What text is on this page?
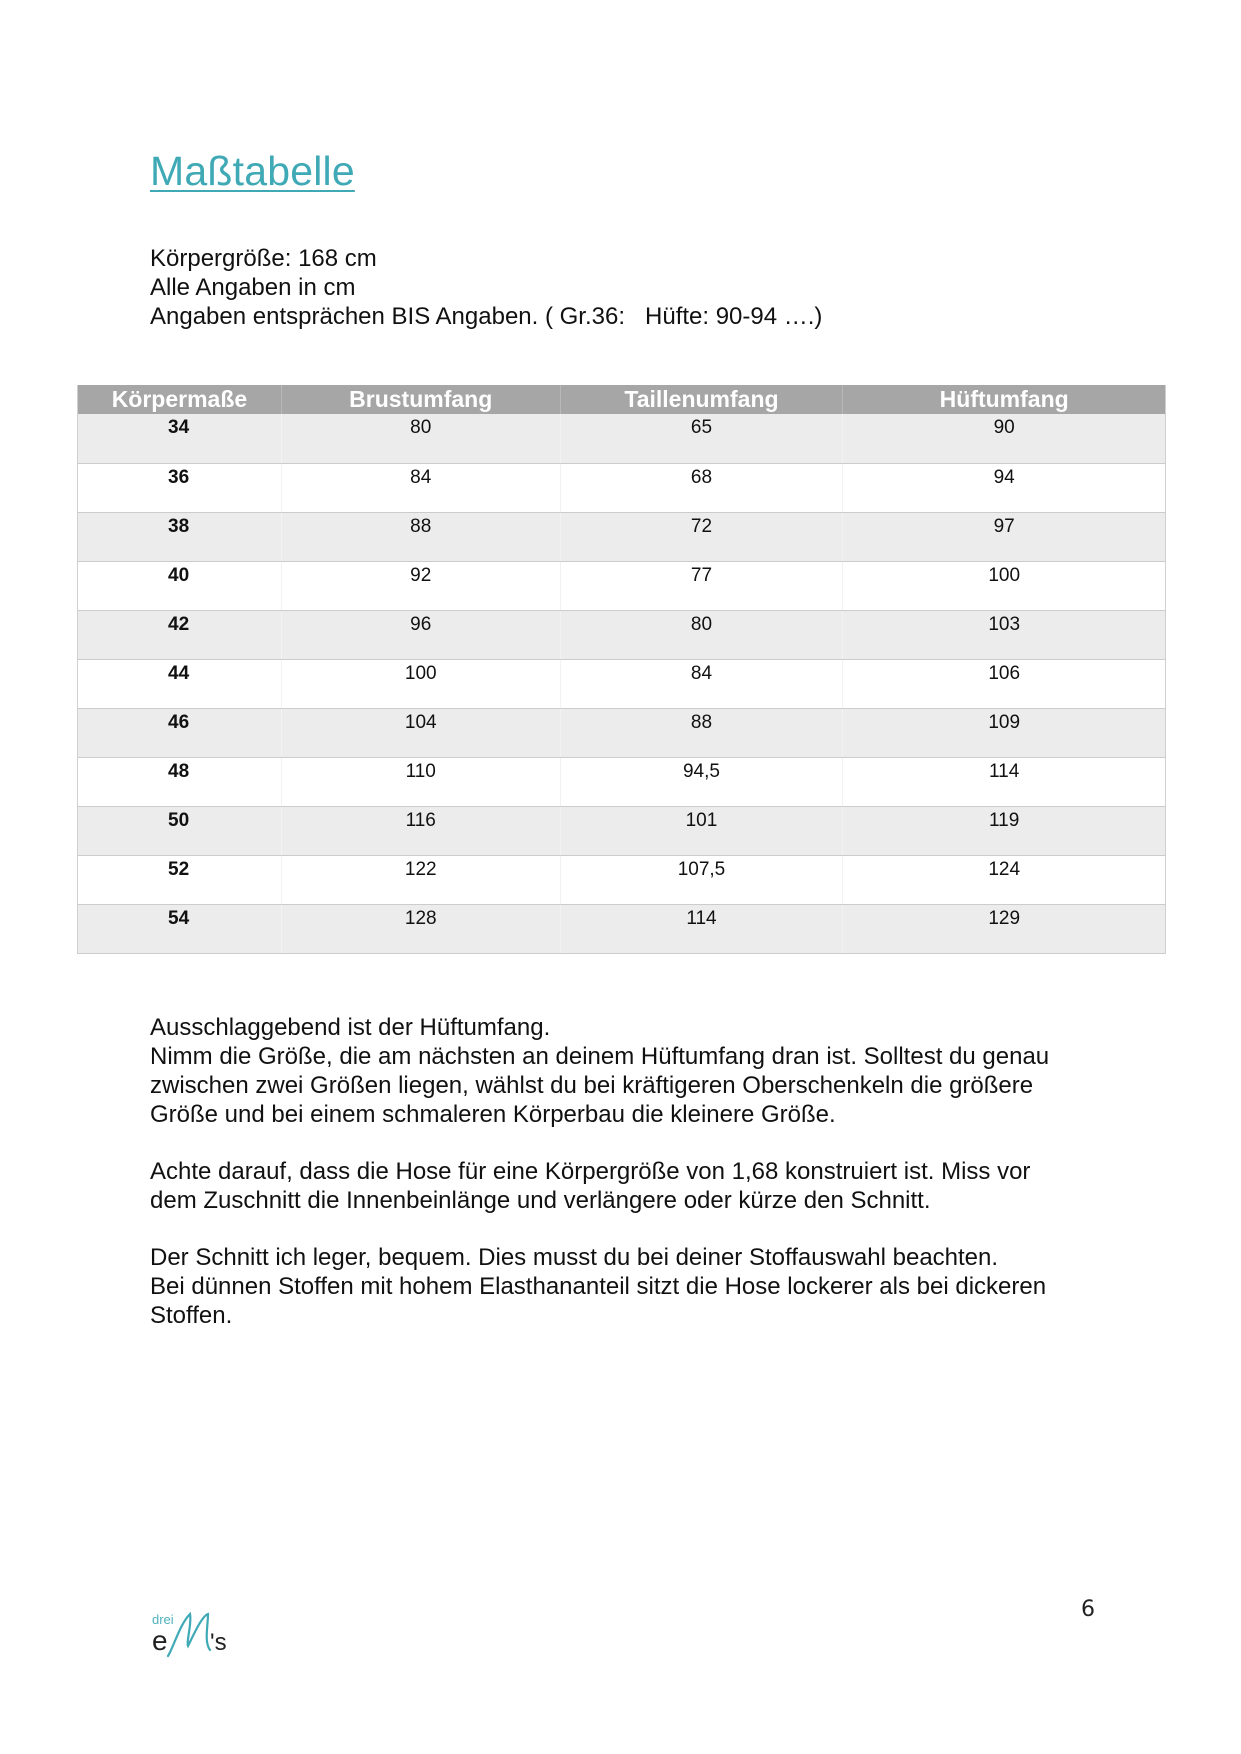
Maßtabelle
Körpergröße: 168 cm
Alle Angaben in cm
Angaben entsprächen BIS Angaben. ( Gr.36:   Hüfte: 90-94 ….)
Körpermaße	Brustumfang	Taillenumfang	Hüftumfang
34	80	65	90
36	84	68	94
38	88	72	97
40	92	77	100
42	96	80	103
44	100	84	106
46	104	88	109
48	110	94,5	114
50	116	101	119
52	122	107,5	124
54	128	114	129

Ausschlaggebend ist der Hüftumfang.
Nimm die Größe, die am nächsten an deinem Hüftumfang dran ist. Solltest du genau
zwischen zwei Größen liegen, wählst du bei kräftigeren Oberschenkeln die größere
Größe und bei einem schmaleren Körperbau die kleinere Größe.

Achte darauf, dass die Hose für eine Körpergröße von 1,68 konstruiert ist. Miss vor
dem Zuschnitt die Innenbeinlänge und verlängere oder kürze den Schnitt.

Der Schnitt ich leger, bequem. Dies musst du bei deiner Stoffauswahl beachten.
Bei dünnen Stoffen mit hohem Elasthananteil sitzt die Hose lockerer als bei dickeren
Stoffen.

drei
e 's
6
